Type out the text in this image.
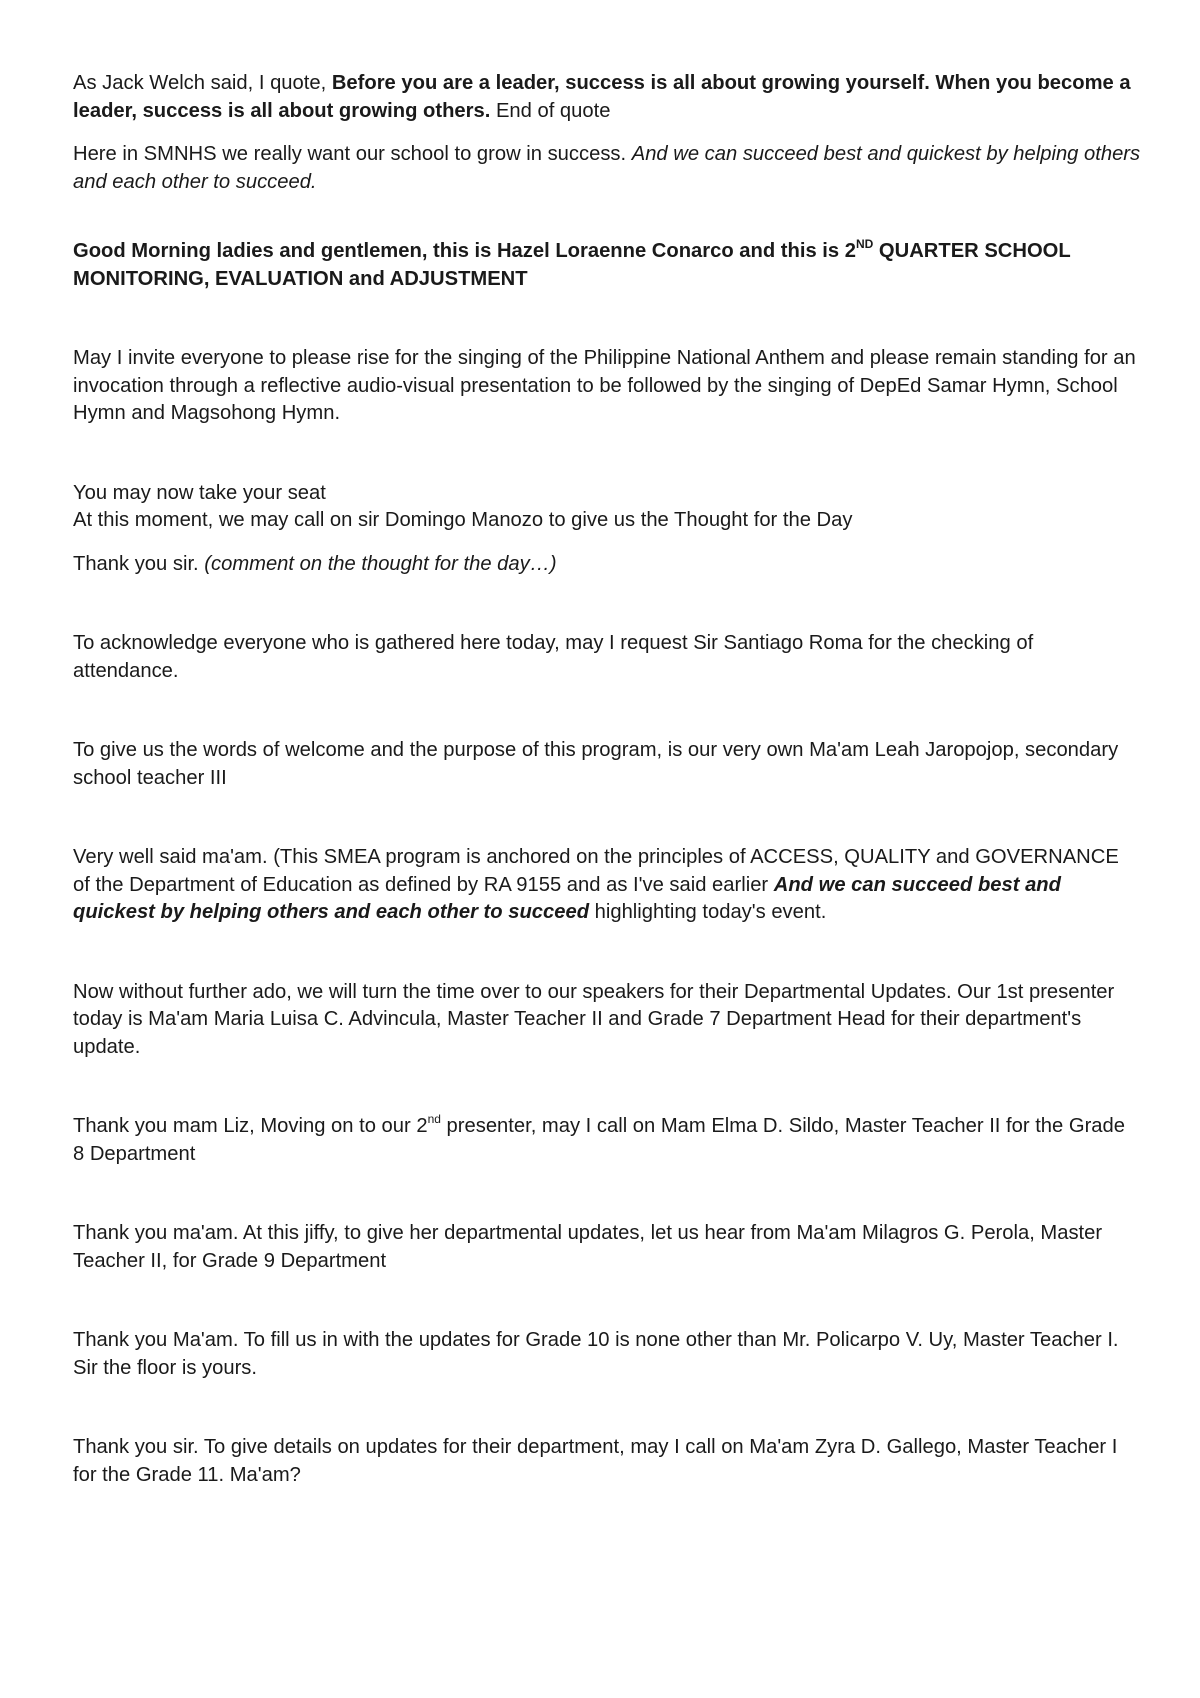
As Jack Welch said, I quote, Before you are a leader, success is all about growing yourself. When you become a leader, success is all about growing others. End of quote

Here in SMNHS we really want our school to grow in success. And we can succeed best and quickest by helping others and each other to succeed.

Good Morning ladies and gentlemen, this is Hazel Loraenne Conarco and this is 2ND QUARTER SCHOOL MONITORING, EVALUATION and ADJUSTMENT

May I invite everyone to please rise for the singing of the Philippine National Anthem and please remain standing for an invocation through a reflective audio-visual presentation to be followed by the singing of DepEd Samar Hymn, School Hymn and Magsohong Hymn.

You may now take your seat

At this moment, we may call on sir Domingo Manozo to give us the Thought for the Day

Thank you sir. (comment on the thought for the day…)

To acknowledge everyone who is gathered here today, may I request Sir Santiago Roma for the checking of attendance.

To give us the words of welcome and the purpose of this program, is our very own Ma'am Leah Jaropojop, secondary school teacher III

Very well said ma'am. (This SMEA program is anchored on the principles of ACCESS, QUALITY and GOVERNANCE of the Department of Education as defined by RA 9155 and as I've said earlier And we can succeed best and quickest by helping others and each other to succeed highlighting today's event.

Now without further ado, we will turn the time over to our speakers for their Departmental Updates. Our 1st presenter today is Ma'am Maria Luisa C. Advincula, Master Teacher II and Grade 7 Department Head for their department's update.

Thank you mam Liz, Moving on to our 2nd presenter, may I call on Mam Elma D. Sildo, Master Teacher II for the Grade 8 Department

Thank you ma'am. At this jiffy, to give her departmental updates, let us hear from Ma'am Milagros G. Perola, Master Teacher II, for Grade 9 Department

Thank you Ma'am. To fill us in with the updates for Grade 10 is none other than Mr. Policarpo V. Uy, Master Teacher I. Sir the floor is yours.

Thank you sir. To give details on updates for their department, may I call on Ma'am Zyra D. Gallego, Master Teacher I for the Grade 11. Ma'am?
